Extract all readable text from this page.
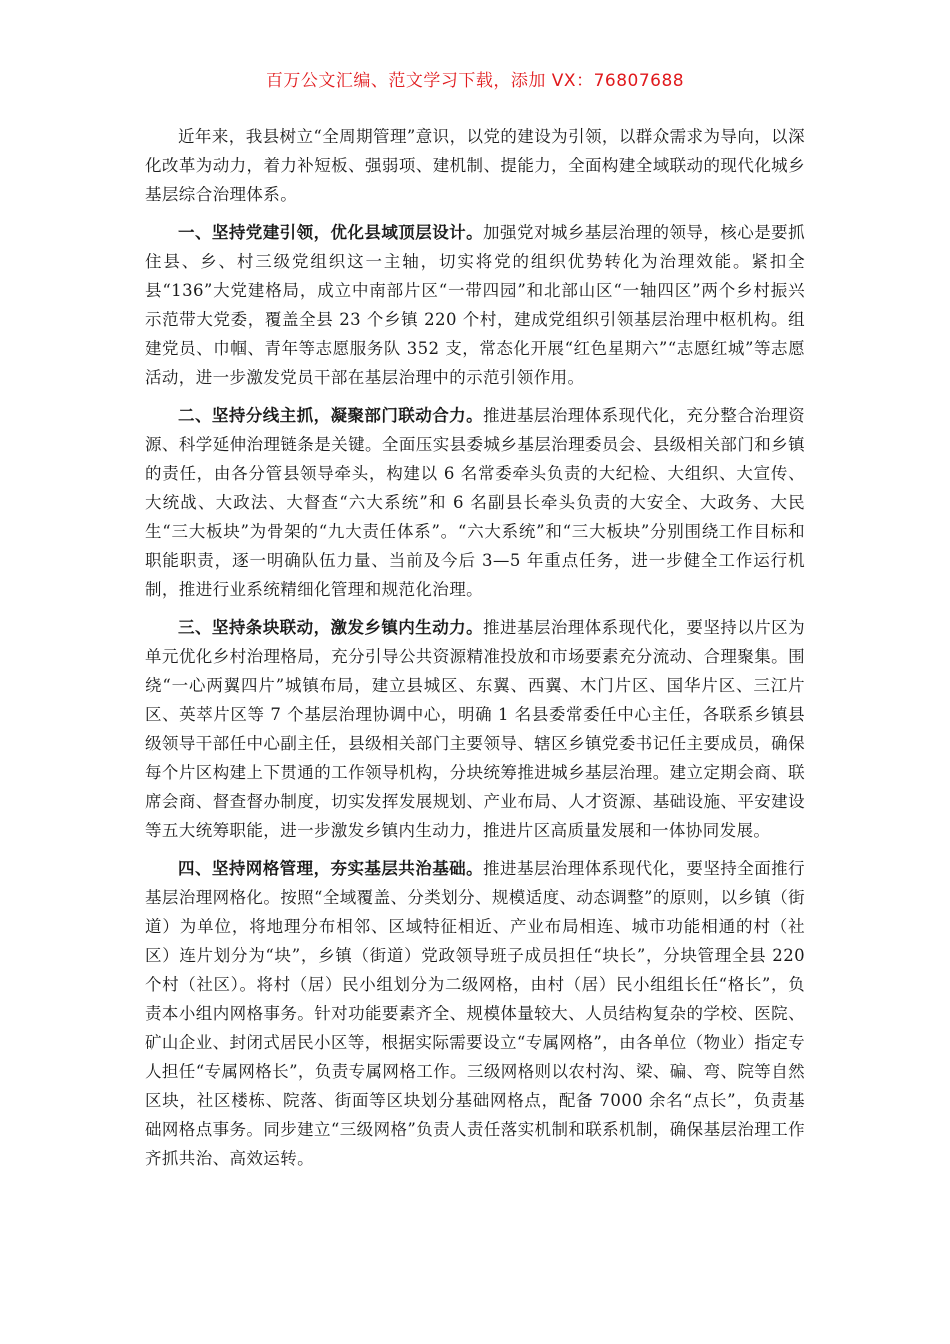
百万公文汇编、范文学习下载，添加 VX：76807688

近年来，我县树立“全周期管理”意识，以党的建设为引领，以群众需求为导向，以深化改革为动力，着力补短板、强弱项、建机制、提能力，全面构建全域联动的现代化城乡基层综合治理体系。

一、坚持党建引领，优化县域顶层设计。加强党对城乡基层治理的领导，核心是要抓住县、乡、村三级党组织这一主轴，切实将党的组织优势转化为治理效能。紧扣全县“136”大党建格局，成立中南部片区“一带四园”和北部山区“一轴四区”两个乡村振兴示范带大党委，覆盖全县 23 个乡镇 220 个村，建成党组织引领基层治理中枢机构。组建党员、巾帼、青年等志愿服务队 352 支，常态化开展“红色星期六”“志愿红城”等志愿活动，进一步激发党员干部在基层治理中的示范引领作用。

二、坚持分线主抓，凝聚部门联动合力。推进基层治理体系现代化，充分整合治理资源、科学延伸治理链条是关键。全面压实县委城乡基层治理委员会、县级相关部门和乡镇的责任，由各分管县领导牵头，构建以 6 名常委牵头负责的大纪检、大组织、大宣传、大统战、大政法、大督查“六大系统”和 6 名副县长牵头负责的大安全、大政务、大民生“三大板块”为骨架的“九大责任体系”。“六大系统”和“三大板块”分别围绕工作目标和职能职责，逐一明确队伍力量、当前及今后 3—5 年重点任务，进一步健全工作运行机制，推进行业系统精细化管理和规范化治理。

三、坚持条块联动，激发乡镇内生动力。推进基层治理体系现代化，要坚持以片区为单元优化乡村治理格局，充分引导公共资源精准投放和市场要素充分流动、合理聚集。围绕“一心两翼四片”城镇布局，建立县城区、东翼、西翼、木门片区、国华片区、三江片区、英萃片区等 7 个基层治理协调中心，明确 1 名县委常委任中心主任，各联系乡镇县级领导干部任中心副主任，县级相关部门主要领导、辖区乡镇党委书记任主要成员，确保每个片区构建上下贯通的工作领导机构，分块统筹推进城乡基层治理。建立定期会商、联席会商、督查督办制度，切实发挥发展规划、产业布局、人才资源、基础设施、平安建设等五大统筹职能，进一步激发乡镇内生动力，推进片区高质量发展和一体协同发展。

四、坚持网格管理，夯实基层共治基础。推进基层治理体系现代化，要坚持全面推行基层治理网格化。按照“全域覆盖、分类划分、规模适度、动态调整”的原则，以乡镇（街道）为单位，将地理分布相邻、区域特征相近、产业布局相连、城市功能相通的村（社区）连片划分为“块”，乡镇（街道）党政领导班子成员担任“块长”，分块管理全县 220 个村（社区）。将村（居）民小组划分为二级网格，由村（居）民小组组长任“格长”，负责本小组内网格事务。针对功能要素齐全、规模体量较大、人员结构复杂的学校、医院、矿山企业、封闭式居民小区等，根据实际需要设立“专属网格”，由各单位（物业）指定专人担任“专属网格长”，负责专属网格工作。三级网格则以农村沟、梁、碥、弯、院等自然区块，社区楼栋、院落、街面等区块划分基础网格点，配备 7000 余名“点长”，负责基础网格点事务。同步建立“三级网格”负责人责任落实机制和联系机制，确保基层治理工作齐抓共治、高效运转。
